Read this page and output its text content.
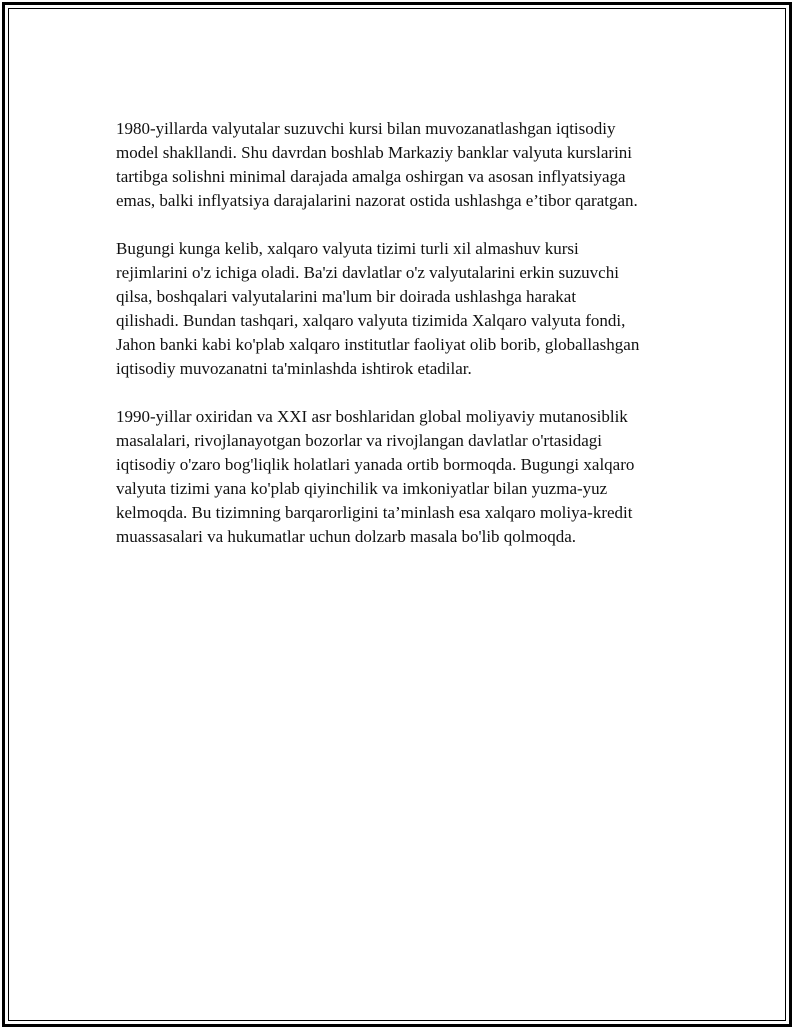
1980-yillarda valyutalar suzuvchi kursi bilan muvozanatlashgan iqtisodiy
model shakllandi. Shu davrdan boshlab Markaziy banklar valyuta kurslarini
tartibga solishni minimal darajada amalga oshirgan va asosan inflyatsiyaga
emas, balki inflyatsiya darajalarini nazorat ostida ushlashga e’tibor qaratgan.

Bugungi kunga kelib, xalqaro valyuta tizimi turli xil almashuv kursi
rejimlarini o'z ichiga oladi. Ba'zi davlatlar o'z valyutalarini erkin suzuvchi
qilsa, boshqalari valyutalarini ma'lum bir doirada ushlashga harakat
qilishadi. Bundan tashqari, xalqaro valyuta tizimida Xalqaro valyuta fondi,
Jahon banki kabi ko'plab xalqaro institutlar faoliyat olib borib, globallashgan
iqtisodiy muvozanatni ta'minlashda ishtirok etadilar.

1990-yillar oxiridan va XXI asr boshlaridan global moliyaviy mutanosiblik
masalalari, rivojlanayotgan bozorlar va rivojlangan davlatlar o'rtasidagi
iqtisodiy o'zaro bog'liqlik holatlari yanada ortib bormoqda. Bugungi xalqaro
valyuta tizimi yana ko'plab qiyinchilik va imkoniyatlar bilan yuzma-yuz
kelmoqda. Bu tizimning barqarorligini ta’minlash esa xalqaro moliya-kredit
muassasalari va hukumatlar uchun dolzarb masala bo'lib qolmoqda.
